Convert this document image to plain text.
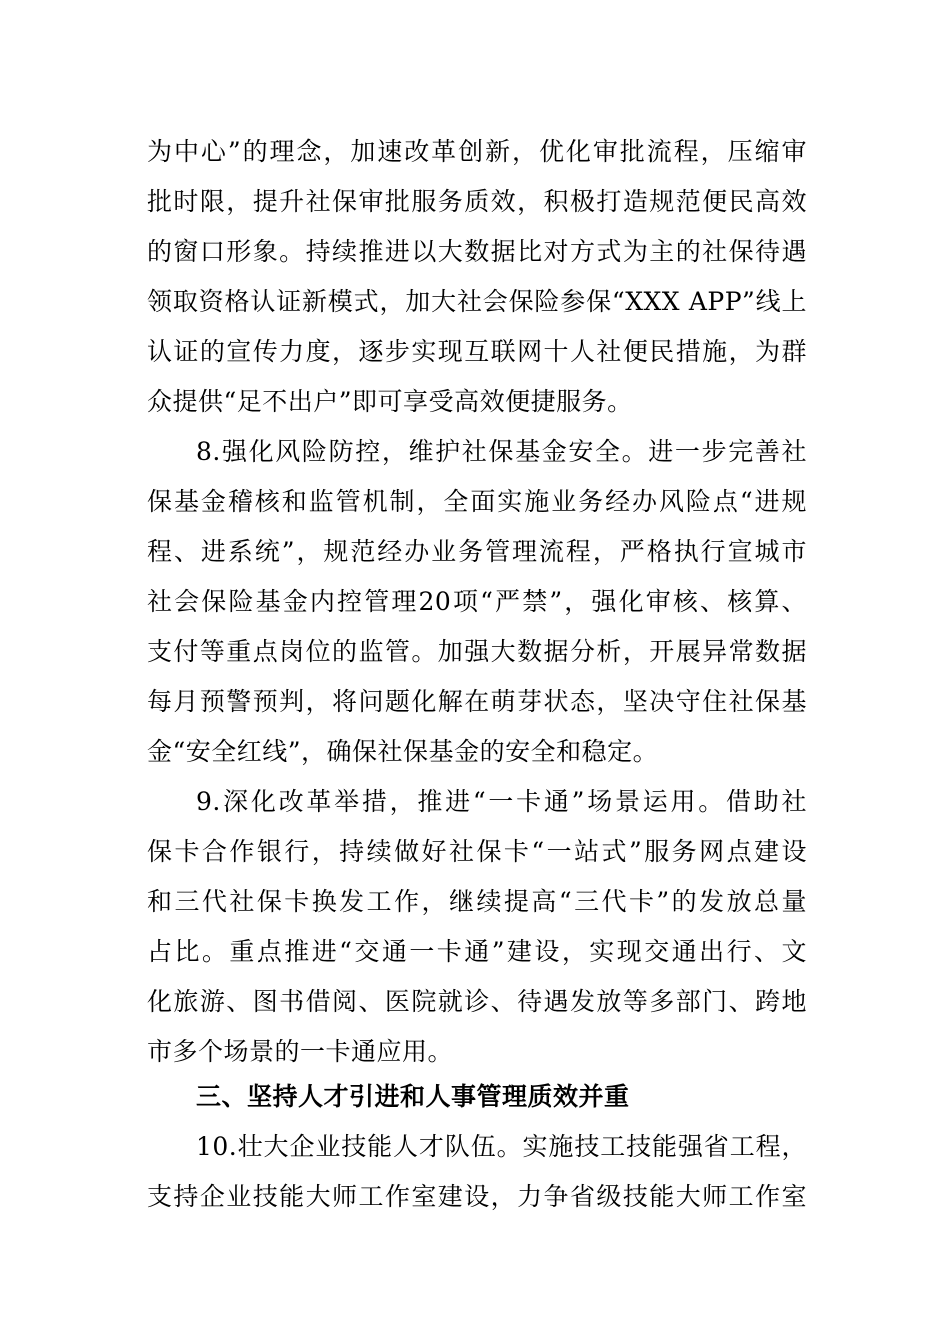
为中心”的理念，加速改革创新，优化审批流程，压缩审
批时限，提升社保审批服务质效，积极打造规范便民高效
的窗口形象。持续推进以大数据比对方式为主的社保待遇
领取资格认证新模式，加大社会保险参保“XXX APP”线上
认证的宣传力度，逐步实现互联网十人社便民措施，为群
众提供“足不出户”即可享受高效便捷服务。
8.强化风险防控，维护社保基金安全。进一步完善社
保基金稽核和监管机制，全面实施业务经办风险点“进规
程、进系统”，规范经办业务管理流程，严格执行宣城市
社会保险基金内控管理20项“严禁”，强化审核、核算、
支付等重点岗位的监管。加强大数据分析，开展异常数据
每月预警预判，将问题化解在萌芽状态，坚决守住社保基
金“安全红线”，确保社保基金的安全和稳定。
9.深化改革举措，推进“一卡通”场景运用。借助社
保卡合作银行，持续做好社保卡“一站式”服务网点建设
和三代社保卡换发工作，继续提高“三代卡”的发放总量
占比。重点推进“交通一卡通”建设，实现交通出行、文
化旅游、图书借阅、医院就诊、待遇发放等多部门、跨地
市多个场景的一卡通应用。
三、坚持人才引进和人事管理质效并重
10.壮大企业技能人才队伍。实施技工技能强省工程，
支持企业技能大师工作室建设，力争省级技能大师工作室
